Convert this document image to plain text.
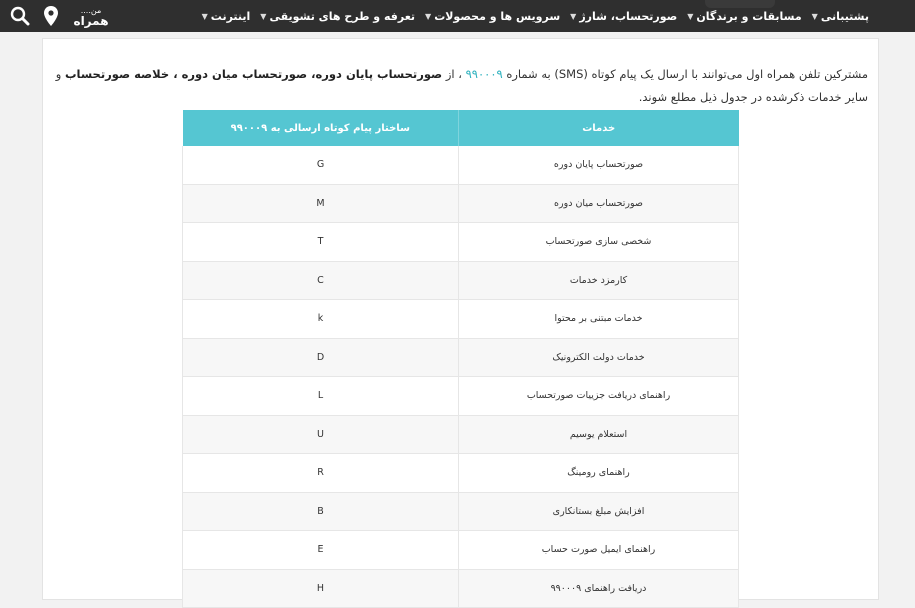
....من
همراه	اینترنت
▼	تعرفه و طرح های تشویقی
▼	سرویس ها و محصولات
▼	صورتحساب، شارژ
▼	مسابقات و برندگان
▼	پشتیبانی
▼

مشترکین تلفن همراه اول می‌توانند با ارسال یک پیام کوتاه (SMS) به شماره ۹۹۰۰۰۹ ، از صورتحساب پایان دوره، صورتحساب میان دوره ، خلاصه صورتحساب و سایر خدمات ذکرشده در جدول ذیل مطلع شوند.

خدمات	ساختار پیام کوتاه ارسالی به ۹۹۰۰۰۹
صورتحساب پایان دوره	G
صورتحساب میان دوره	M
شخصی سازی صورتحساب	T
کارمزد خدمات	C
خدمات مبتنی بر محتوا	k
خدمات دولت الکترونیک	D
راهنمای دریافت جزییات صورتحساب	L
استعلام یوسیم	U
راهنمای رومینگ	R
افزایش مبلغ بستانکاری	B
راهنمای ایمیل صورت حساب	E
دریافت راهنمای ۹۹۰۰۰۹	H
